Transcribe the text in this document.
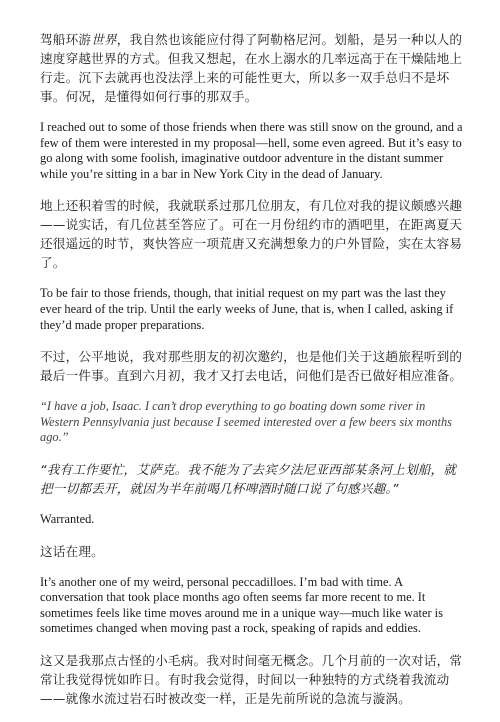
驾船环游世界，我自然也该能应付得了阿勒格尼河。划船，是另一种以人的速度穿越世界的方式。但我又想起，在水上溺水的几率远高于在干燥陆地上行走。沉下去就再也没法浮上来的可能性更大，所以多一双手总归不是坏事。何况，是懂得如何行事的那双手。

I reached out to some of those friends when there was still snow on the ground, and a few of them were interested in my proposal—hell, some even agreed. But it’s easy to go along with some foolish, imaginative outdoor adventure in the distant summer while you’re sitting in a bar in New York City in the dead of January.

地上还积着雪的时候，我就联系过那几位朋友，有几位对我的提议颇感兴趣——说实话，有几位甚至答应了。可在一月份纽约市的酒吧里，在距离夏天还很遥远的时节，爽快答应一项荒唐又充满想象力的户外冒险，实在太容易了。

To be fair to those friends, though, that initial request on my part was the last they ever heard of the trip. Until the early weeks of June, that is, when I called, asking if they’d made proper preparations.

不过，公平地说，我对那些朋友的初次邀约，也是他们关于这趟旅程听到的最后一件事。直到六月初，我才又打去电话，问他们是否已做好相应准备。

“I have a job, Isaac. I can’t drop everything to go boating down some river in Western Pennsylvania just because I seemed interested over a few beers six months ago.”

“我有工作要忙，艾萨克。我不能为了去宾夕法尼亚西部某条河上划船，就把一切都丢开，就因为半年前喝几杯啤酒时随口说了句感兴趣。”

Warranted.

这话在理。

It’s another one of my weird, personal peccadilloes. I’m bad with time. A conversation that took place months ago often seems far more recent to me. It sometimes feels like time moves around me in a unique way—much like water is sometimes changed when moving past a rock, speaking of rapids and eddies.

这又是我那点古怪的小毛病。我对时间毫无概念。几个月前的一次对话，常常让我觉得恍如昨日。有时我会觉得，时间以一种独特的方式绕着我流动——就像水流过岩石时被改变一样，正是先前所说的急流与漩涡。
